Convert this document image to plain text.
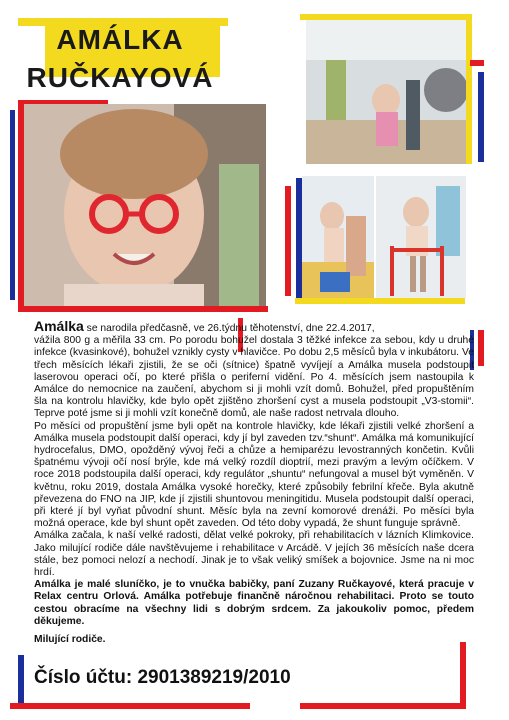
AMÁLKA
RUČKAYOVÁ

Amálka se narodila předčasně, ve 26.týdnu těhotenství, dne 22.4.2017,

vážila 800 g a měřila 33 cm. Po porodu bohužel dostala 3 těžké infekce za sebou, kdy u druhé infekce (kvasinkové), bohužel vznikly cysty v hlavičce. Po dobu 2,5 měsíců byla v inkubátoru. Ve třech měsících lékaři zjistili, že se oči (sítnice) špatně vyvíjejí a Amálka musela podstoupit laserovou operaci očí, po které přišla o periferní vidění. Po 4. měsících jsem nastoupila k Amálce do nemocnice na zaučení, abychom si ji mohli vzít domů. Bohužel, před propuštěním šla na kontrolu hlavičky, kde bylo opět zjištěno zhoršení cyst a musela podstoupit „V3-stomii“. Teprve poté jsme si ji mohli vzít konečně domů, ale naše radost netrvala dlouho.

Po měsíci od propuštění jsme byli opět na kontrole hlavičky, kde lékaři zjistili velké zhoršení a Amálka musela podstoupit další operaci, kdy jí byl zaveden tzv.“shunt“. Amálka má komunikující hydrocefalus, DMO, opožděný vývoj řeči a chůze a hemiparézu levostranných končetin. Kvůli špatnému vývoji očí nosí brýle, kde má velký rozdíl dioptrií, mezi pravým a levým očíčkem. V roce 2018 podstoupila další operaci, kdy regulátor „shuntu“ nefungoval a musel být vyměněn. V květnu, roku 2019, dostala Amálka vysoké horečky, které způsobily febrilní křeče. Byla akutně převezena do FNO na JIP, kde jí zjistili shuntovou meningitidu. Musela podstoupit další operaci, při které jí byl vyňat původní shunt. Měsíc byla na zevní komorové drenáži. Po měsíci byla možná operace, kde byl shunt opět zaveden. Od této doby vypadá, že shunt funguje správně.

Amálka začala, k naší velké radosti, dělat velké pokroky, při rehabilitacích v lázních Klimkovice. Jako milující rodiče dále navštěvujeme i rehabilitace v Arcádě. V jejích 36 měsících naše dcera stále, bez pomoci nelozí a nechodí. Jinak je to však veliký smíšek a bojovnice. Jsme na ni moc hrdí.

Amálka je malé sluníčko, je to vnučka babičky, paní Zuzany Ručkayové, která pracuje v Relax centru Orlová. Amálka potřebuje finančně náročnou rehabilitaci. Proto se touto cestou obracíme na všechny lidi s dobrým srdcem. Za jakoukoliv pomoc, předem děkujeme.

Milující rodiče.

Číslo účtu: 2901389219/2010
